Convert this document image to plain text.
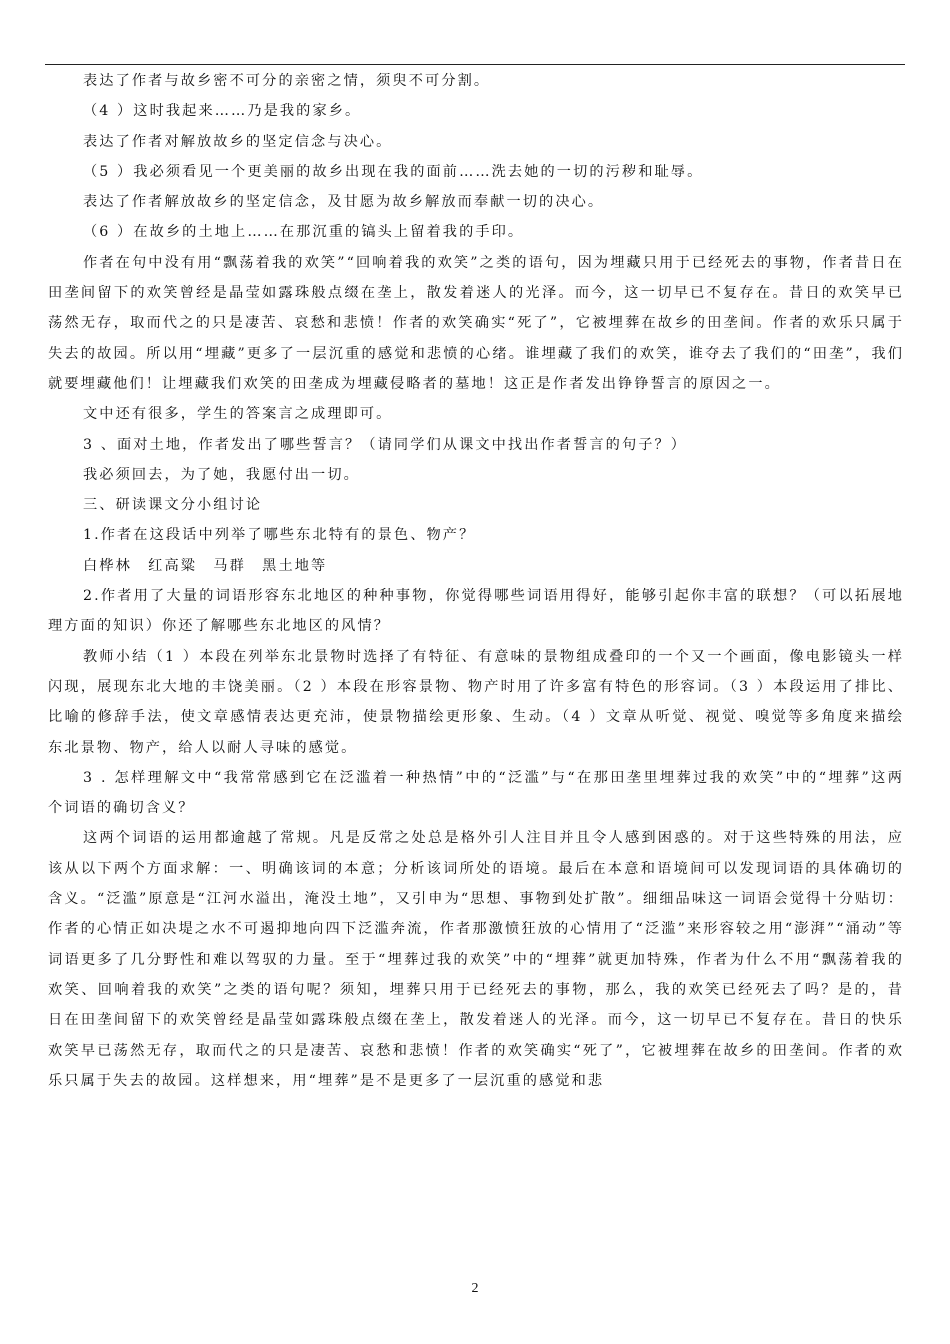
表达了作者与故乡密不可分的亲密之情，须臾不可分割。

（4 ）这时我起来……乃是我的家乡。

表达了作者对解放故乡的坚定信念与决心。

（5 ）我必须看见一个更美丽的故乡出现在我的面前……洗去她的一切的污秽和耻辱。

表达了作者解放故乡的坚定信念，及甘愿为故乡解放而奉献一切的决心。

（6 ）在故乡的土地上……在那沉重的镐头上留着我的手印。

作者在句中没有用“飘荡着我的欢笑”“回响着我的欢笑”之类的语句，因为埋藏只用于已经死去的事物，作者昔日在田垄间留下的欢笑曾经是晶莹如露珠般点缀在垄上，散发着迷人的光泽。而今，这一切早已不复存在。昔日的欢笑早已荡然无存，取而代之的只是凄苦、哀愁和悲愤！作者的欢笑确实“死了”，它被埋葬在故乡的田垄间。作者的欢乐只属于失去的故园。所以用“埋藏”更多了一层沉重的感觉和悲愤的心绪。谁埋藏了我们的欢笑，谁夺去了我们的“田垄”，我们就要埋藏他们！让埋藏我们欢笑的田垄成为埋藏侵略者的墓地！这正是作者发出铮铮誓言的原因之一。

文中还有很多，学生的答案言之成理即可。

3 、面对土地，作者发出了哪些誓言？（请同学们从课文中找出作者誓言的句子？）

我必须回去，为了她，我愿付出一切。

三、研读课文分小组讨论

1.作者在这段话中列举了哪些东北特有的景色、物产？

白桦林　红高粱　马群　黑土地等

2.作者用了大量的词语形容东北地区的种种事物，你觉得哪些词语用得好，能够引起你丰富的联想？（可以拓展地理方面的知识）你还了解哪些东北地区的风情？

教师小结（1 ）本段在列举东北景物时选择了有特征、有意味的景物组成叠印的一个又一个画面，像电影镜头一样闪现，展现东北大地的丰饶美丽。（2 ）本段在形容景物、物产时用了许多富有特色的形容词。（3 ）本段运用了排比、比喻的修辞手法，使文章感情表达更充沛，使景物描绘更形象、生动。（4 ）文章从听觉、视觉、嗅觉等多角度来描绘东北景物、物产，给人以耐人寻味的感觉。

3 . 怎样理解文中“我常常感到它在泛滥着一种热情”中的“泛滥”与“在那田垄里埋葬过我的欢笑”中的“埋葬”这两个词语的确切含义？

这两个词语的运用都逾越了常规。凡是反常之处总是格外引人注目并且令人感到困惑的。对于这些特殊的用法，应该从以下两个方面求解：一、明确该词的本意；分析该词所处的语境。最后在本意和语境间可以发现词语的具体确切的含义。“泛滥”原意是“江河水溢出，淹没土地”，又引申为“思想、事物到处扩散”。细细品味这一词语会觉得十分贴切：作者的心情正如决堤之水不可遏抑地向四下泛滥奔流，作者那激愤狂放的心情用了“泛滥”来形容较之用“澎湃”“涌动”等词语更多了几分野性和难以驾驭的力量。至于“埋葬过我的欢笑”中的“埋葬”就更加特殊，作者为什么不用“飘荡着我的欢笑、回响着我的欢笑”之类的语句呢？须知，埋葬只用于已经死去的事物，那么，我的欢笑已经死去了吗？是的，昔日在田垄间留下的欢笑曾经是晶莹如露珠般点缀在垄上，散发着迷人的光泽。而今，这一切早已不复存在。昔日的快乐欢笑早已荡然无存，取而代之的只是凄苦、哀愁和悲愤！作者的欢笑确实“死了”，它被埋葬在故乡的田垄间。作者的欢乐只属于失去的故园。这样想来，用“埋葬”是不是更多了一层沉重的感觉和悲

2
